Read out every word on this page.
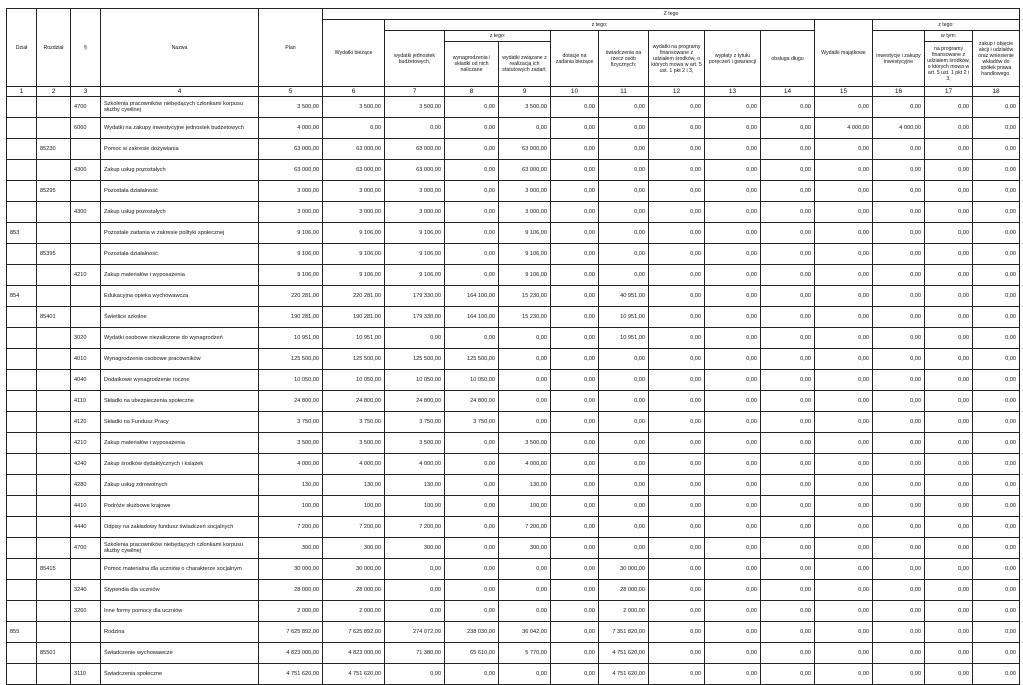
Dział	Rozdział	§	Nazwa	Plan	Z tego												
					Wydatki bieżące	z tego:								Wydatki majątkowe	z tego:		
						wydatki jednostek budżetowych,	z tego:		dotacje na zadania bieżące	świadczenia na rzecz osób fizycznych;	wydatki na programy finansowane z udziałem środków, o których mowa w art. 5 ust. 1 pkt 2 i 3,	wypłaty z tytułu poręczeń i gwarancji	obsługa długu		inwestycje i zakupy inwestycyjne	w tym:	zakup i objęcie akcji i udziałów oraz wniesienie wkładów do spółek prawa handlowego.
							wynagrodzenia i składki od nich naliczane	wydatki związane z realizacją ich statutowych zadań;								na programy finansowane z udziałem środków, o których mowa w art. 5 ust. 1 pkt 2 i 3,	
1	2	3	4	5	6	7	8	9	10	11	12	13	14	15	16	17	18
		4700	Szkolenia pracowników niebędących członkami korpusu służby cywilnej	3 500,00	3 500,00	3 500,00	0,00	3 500,00	0,00	0,00	0,00	0,00	0,00	0,00	0,00	0,00	0,00
		6060	Wydatki na zakupy inwestycyjne jednostek budżetowych	4 000,00	0,00	0,00	0,00	0,00	0,00	0,00	0,00	0,00	0,00	4 000,00	4 000,00	0,00	0,00
	85230		Pomoc w zakresie dożywiania	63 000,00	63 000,00	63 000,00	0,00	63 000,00	0,00	0,00	0,00	0,00	0,00	0,00	0,00	0,00	0,00
		4300	Zakup usług pozostałych	63 000,00	63 000,00	63 000,00	0,00	63 000,00	0,00	0,00	0,00	0,00	0,00	0,00	0,00	0,00	0,00
	85295		Pozostała działalność	3 000,00	3 000,00	3 000,00	0,00	3 000,00	0,00	0,00	0,00	0,00	0,00	0,00	0,00	0,00	0,00
		4300	Zakup usług pozostałych	3 000,00	3 000,00	3 000,00	0,00	3 000,00	0,00	0,00	0,00	0,00	0,00	0,00	0,00	0,00	0,00
853			Pozostałe zadania w zakresie polityki społecznej	9 106,00	9 106,00	9 106,00	0,00	9 106,00	0,00	0,00	0,00	0,00	0,00	0,00	0,00	0,00	0,00
	85395		Pozostała działalność	9 106,00	9 106,00	9 106,00	0,00	9 106,00	0,00	0,00	0,00	0,00	0,00	0,00	0,00	0,00	0,00
		4210	Zakup materiałów i wyposażenia	9 106,00	9 106,00	9 106,00	0,00	9 106,00	0,00	0,00	0,00	0,00	0,00	0,00	0,00	0,00	0,00
854			Edukacyjna opieka wychowawcza	220 281,00	220 281,00	179 330,00	164 100,00	15 230,00	0,00	40 951,00	0,00	0,00	0,00	0,00	0,00	0,00	0,00
	85401		Świetlice szkolne	190 281,00	190 281,00	179 330,00	164 100,00	15 230,00	0,00	10 951,00	0,00	0,00	0,00	0,00	0,00	0,00	0,00
		3020	Wydatki osobowe niezaliczone do wynagrodzeń	10 951,00	10 951,00	0,00	0,00	0,00	0,00	10 951,00	0,00	0,00	0,00	0,00	0,00	0,00	0,00
		4010	Wynagrodzenia osobowe pracowników	125 500,00	125 500,00	125 500,00	125 500,00	0,00	0,00	0,00	0,00	0,00	0,00	0,00	0,00	0,00	0,00
		4040	Dodatkowe wynagrodzenie roczne	10 050,00	10 050,00	10 050,00	10 050,00	0,00	0,00	0,00	0,00	0,00	0,00	0,00	0,00	0,00	0,00
		4110	Składki na ubezpieczenia społeczne	24 800,00	24 800,00	24 800,00	24 800,00	0,00	0,00	0,00	0,00	0,00	0,00	0,00	0,00	0,00	0,00
		4120	Składki na Fundusz Pracy	3 750,00	3 750,00	3 750,00	3 750,00	0,00	0,00	0,00	0,00	0,00	0,00	0,00	0,00	0,00	0,00
		4210	Zakup materiałów i wyposażenia	3 500,00	3 500,00	3 500,00	0,00	3 500,00	0,00	0,00	0,00	0,00	0,00	0,00	0,00	0,00	0,00
		4240	Zakup środków dydaktycznych i książek	4 000,00	4 000,00	4 000,00	0,00	4 000,00	0,00	0,00	0,00	0,00	0,00	0,00	0,00	0,00	0,00
		4280	Zakup usług zdrowotnych	130,00	130,00	130,00	0,00	130,00	0,00	0,00	0,00	0,00	0,00	0,00	0,00	0,00	0,00
		4410	Podróże służbowe krajowe	100,00	100,00	100,00	0,00	100,00	0,00	0,00	0,00	0,00	0,00	0,00	0,00	0,00	0,00
		4440	Odpisy na zakładowy fundusz świadczeń socjalnych	7 200,00	7 200,00	7 200,00	0,00	7 200,00	0,00	0,00	0,00	0,00	0,00	0,00	0,00	0,00	0,00
		4700	Szkolenia pracowników niebędących członkami korpusu służby cywilnej	300,00	300,00	300,00	0,00	300,00	0,00	0,00	0,00	0,00	0,00	0,00	0,00	0,00	0,00
	85415		Pomoc materialna dla uczniów o charakterze socjalnym	30 000,00	30 000,00	0,00	0,00	0,00	0,00	30 000,00	0,00	0,00	0,00	0,00	0,00	0,00	0,00
		3240	Stypendia dla uczniów	28 000,00	28 000,00	0,00	0,00	0,00	0,00	28 000,00	0,00	0,00	0,00	0,00	0,00	0,00	0,00
		3260	Inne formy pomocy dla uczniów	2 000,00	2 000,00	0,00	0,00	0,00	0,00	2 000,00	0,00	0,00	0,00	0,00	0,00	0,00	0,00
855			Rodzina	7 625 892,00	7 625 892,00	274 072,00	238 030,00	36 042,00	0,00	7 351 820,00	0,00	0,00	0,00	0,00	0,00	0,00	0,00
	85501		Świadczenie wychowawcze	4 823 000,00	4 823 000,00	71 380,00	65 610,00	5 770,00	0,00	4 751 620,00	0,00	0,00	0,00	0,00	0,00	0,00	0,00
		3110	Świadczenia społeczne	4 751 620,00	4 751 620,00	0,00	0,00	0,00	0,00	4 751 620,00	0,00	0,00	0,00	0,00	0,00	0,00	0,00
